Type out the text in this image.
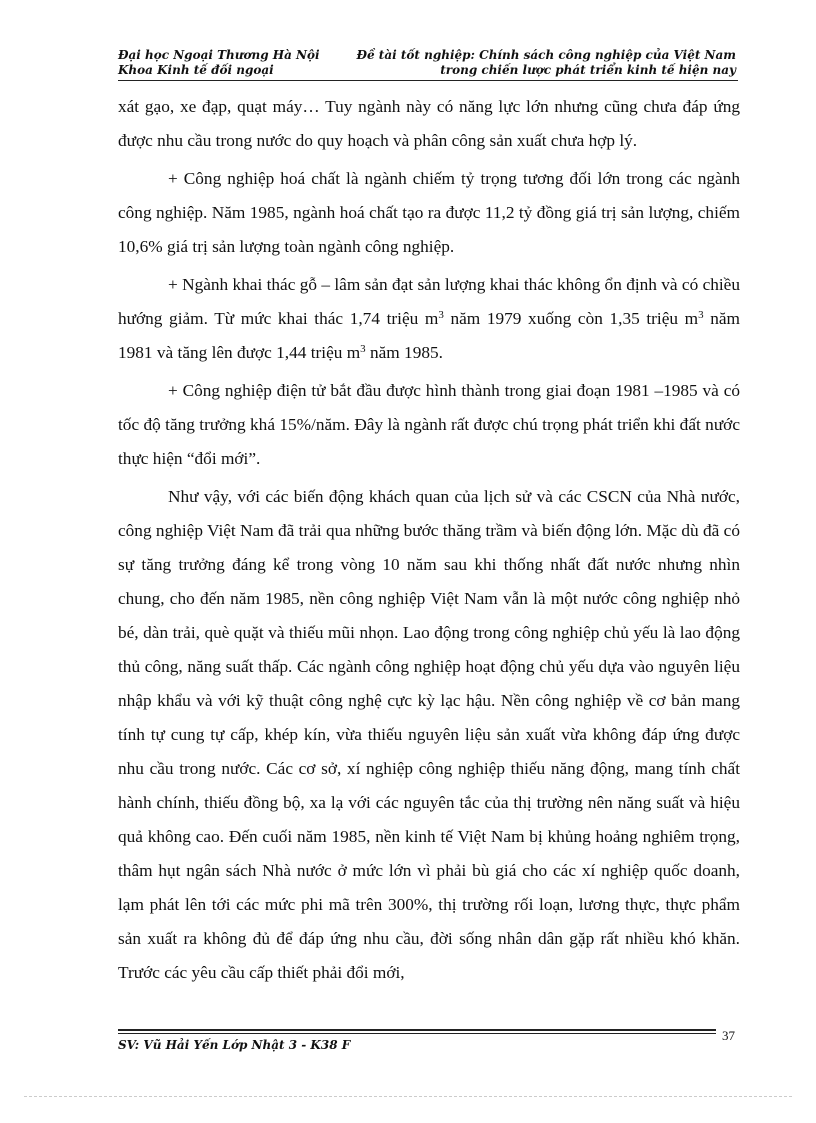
Đại học Ngoại Thương Hà Nội
Khoa Kinh tế đối ngoại
Đề tài tốt nghiệp: Chính sách công nghiệp của Việt Nam
trong chiến lược phát triển kinh tế hiện nay

xát gạo, xe đạp, quạt máy… Tuy ngành này có năng lực lớn nhưng cũng chưa đáp ứng được nhu cầu trong nước do quy hoạch và phân công sản xuất chưa hợp lý.

+ Công nghiệp hoá chất là ngành chiếm tỷ trọng tương đối lớn trong các ngành công nghiệp. Năm 1985, ngành hoá chất tạo ra được 11,2 tỷ đồng giá trị sản lượng, chiếm 10,6% giá trị sản lượng toàn ngành công nghiệp.

+ Ngành khai thác gỗ – lâm sản đạt sản lượng khai thác không ổn định và có chiều hướng giảm. Từ mức khai thác 1,74 triệu $m^3$ năm 1979 xuống còn 1,35 triệu $m^3$ năm 1981 và tăng lên được 1,44 triệu $m^3$ năm 1985.

+ Công nghiệp điện tử bắt đầu được hình thành trong giai đoạn 1981 –1985 và có tốc độ tăng trưởng khá 15%/năm. Đây là ngành rất được chú trọng phát triển khi đất nước thực hiện “đổi mới”.

Như vậy, với các biến động khách quan của lịch sử và các CSCN của Nhà nước, công nghiệp Việt Nam đã trải qua những bước thăng trầm và biến động lớn. Mặc dù đã có sự tăng trưởng đáng kể trong vòng 10 năm sau khi thống nhất đất nước nhưng nhìn chung, cho đến năm 1985, nền công nghiệp Việt Nam vẫn là một nước công nghiệp nhỏ bé, dàn trải, què quặt và thiếu mũi nhọn. Lao động trong công nghiệp chủ yếu là lao động thủ công, năng suất thấp. Các ngành công nghiệp hoạt động chủ yếu dựa vào nguyên liệu nhập khẩu và với kỹ thuật công nghệ cực kỳ lạc hậu. Nền công nghiệp về cơ bản mang tính tự cung tự cấp, khép kín, vừa thiếu nguyên liệu sản xuất vừa không đáp ứng được nhu cầu trong nước. Các cơ sở, xí nghiệp công nghiệp thiếu năng động, mang tính chất hành chính, thiếu đồng bộ, xa lạ với các nguyên tắc của thị trường nên năng suất và hiệu quả không cao. Đến cuối năm 1985, nền kinh tế Việt Nam bị khủng hoảng nghiêm trọng, thâm hụt ngân sách Nhà nước ở mức lớn vì phải bù giá cho các xí nghiệp quốc doanh, lạm phát lên tới các mức phi mã trên 300%, thị trường rối loạn, lương thực, thực phẩm sản xuất ra không đủ để đáp ứng nhu cầu, đời sống nhân dân gặp rất nhiều khó khăn. Trước các yêu cầu cấp thiết phải đổi mới,

SV: Vũ Hải Yến Lớp Nhật 3 - K38 F
37
